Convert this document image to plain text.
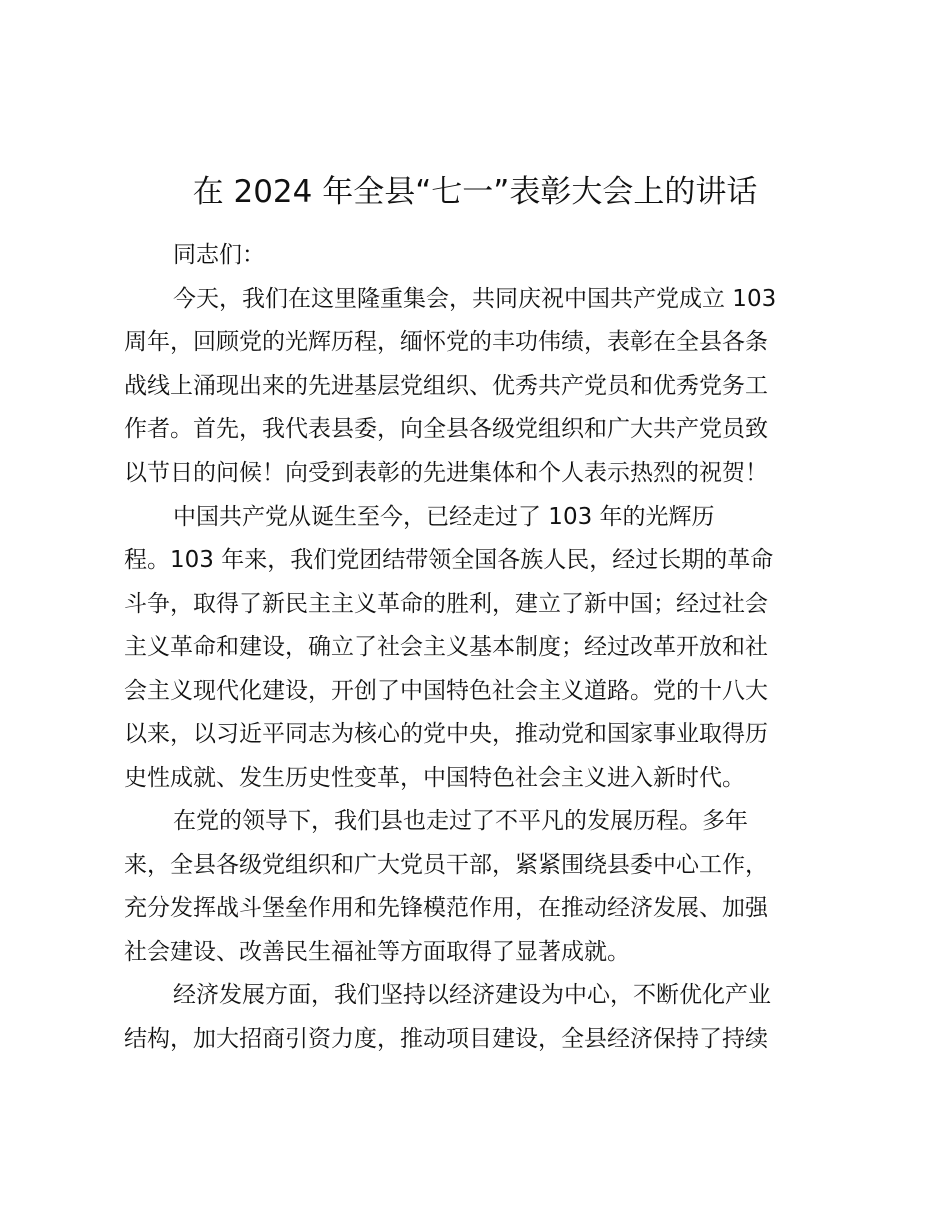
在 2024 年全县“七一”表彰大会上的讲话
同志们：
今天，我们在这里隆重集会，共同庆祝中国共产党成立 103
周年，回顾党的光辉历程，缅怀党的丰功伟绩，表彰在全县各条
战线上涌现出来的先进基层党组织、优秀共产党员和优秀党务工
作者。首先，我代表县委，向全县各级党组织和广大共产党员致
以节日的问候！向受到表彰的先进集体和个人表示热烈的祝贺！
中国共产党从诞生至今，已经走过了 103 年的光辉历
程。103 年来，我们党团结带领全国各族人民，经过长期的革命
斗争，取得了新民主主义革命的胜利，建立了新中国；经过社会
主义革命和建设，确立了社会主义基本制度；经过改革开放和社
会主义现代化建设，开创了中国特色社会主义道路。党的十八大
以来，以习近平同志为核心的党中央，推动党和国家事业取得历
史性成就、发生历史性变革，中国特色社会主义进入新时代。
在党的领导下，我们县也走过了不平凡的发展历程。多年
来，全县各级党组织和广大党员干部，紧紧围绕县委中心工作，
充分发挥战斗堡垒作用和先锋模范作用，在推动经济发展、加强
社会建设、改善民生福祉等方面取得了显著成就。
经济发展方面，我们坚持以经济建设为中心，不断优化产业
结构，加大招商引资力度，推动项目建设，全县经济保持了持续
